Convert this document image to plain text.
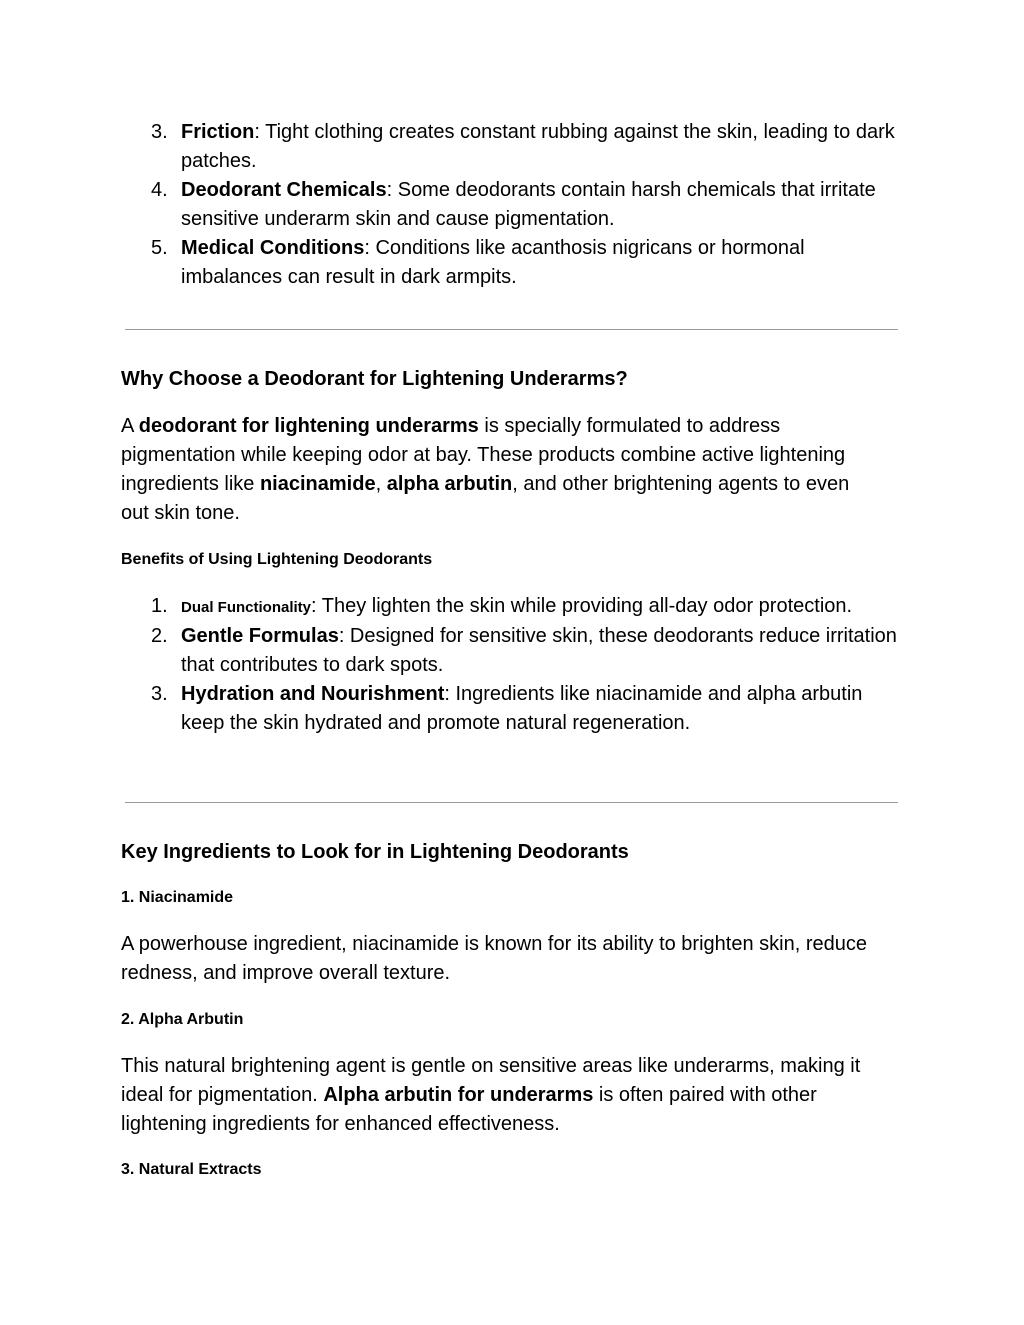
3. Friction: Tight clothing creates constant rubbing against the skin, leading to dark patches.
4. Deodorant Chemicals: Some deodorants contain harsh chemicals that irritate sensitive underarm skin and cause pigmentation.
5. Medical Conditions: Conditions like acanthosis nigricans or hormonal imbalances can result in dark armpits.
Why Choose a Deodorant for Lightening Underarms?

A deodorant for lightening underarms is specially formulated to address pigmentation while keeping odor at bay. These products combine active lightening ingredients like niacinamide, alpha arbutin, and other brightening agents to even out skin tone.

Benefits of Using Lightening Deodorants
1. Dual Functionality: They lighten the skin while providing all-day odor protection.
2. Gentle Formulas: Designed for sensitive skin, these deodorants reduce irritation that contributes to dark spots.
3. Hydration and Nourishment: Ingredients like niacinamide and alpha arbutin keep the skin hydrated and promote natural regeneration.
Key Ingredients to Look for in Lightening Deodorants
1. Niacinamide

A powerhouse ingredient, niacinamide is known for its ability to brighten skin, reduce redness, and improve overall texture.

2. Alpha Arbutin

This natural brightening agent is gentle on sensitive areas like underarms, making it ideal for pigmentation. Alpha arbutin for underarms is often paired with other lightening ingredients for enhanced effectiveness.

3. Natural Extracts
